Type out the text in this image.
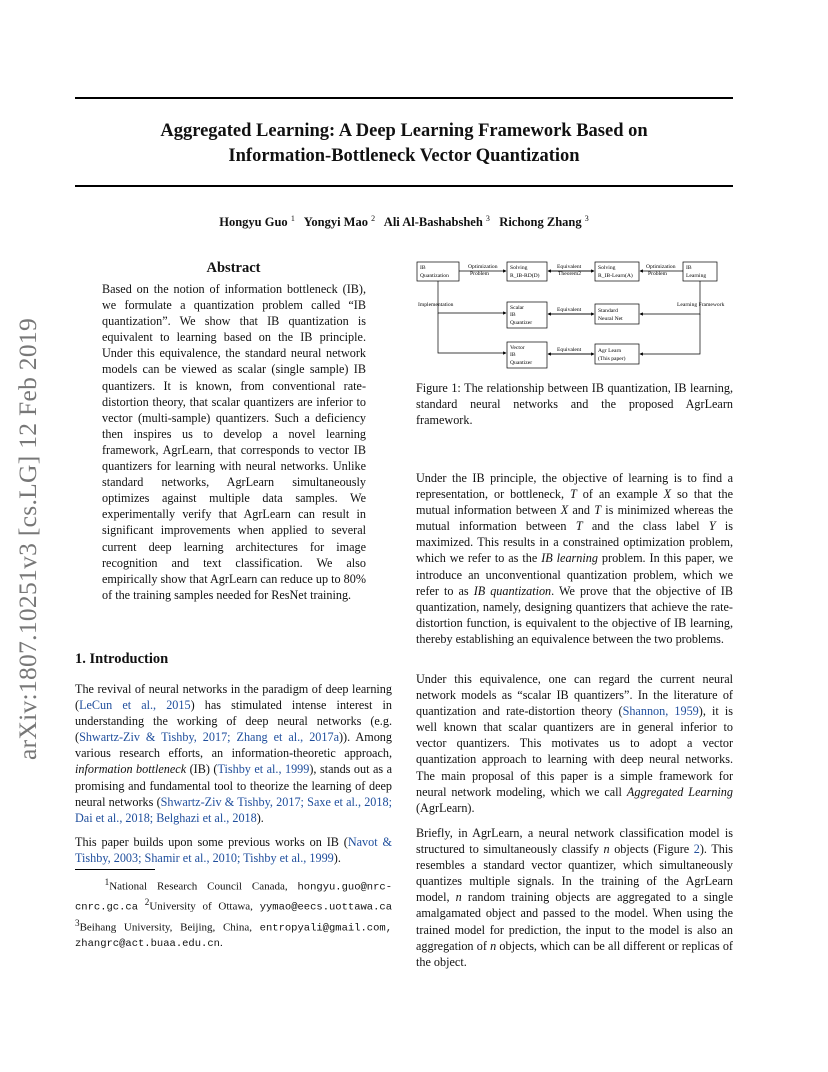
arXiv:1807.10251v3 [cs.LG] 12 Feb 2019
Aggregated Learning: A Deep Learning Framework Based on
Information-Bottleneck Vector Quantization
Hongyu Guo $^1$ Yongyi Mao $^2$ Ali Al-Bashabsheh $^3$ Richong Zhang $^3$
Abstract
Based on the notion of information bottleneck (IB), we formulate a quantization problem called “IB quantization”. We show that IB quantization is equivalent to learning based on the IB principle. Under this equivalence, the standard neural network models can be viewed as scalar (single sample) IB quantizers. It is known, from conventional rate-distortion theory, that scalar quantizers are inferior to vector (multi-sample) quantizers. Such a deficiency then inspires us to develop a novel learning framework, AgrLearn, that corresponds to vector IB quantizers for learning with neural networks. Unlike standard networks, AgrLearn simultaneously optimizes against multiple data samples. We experimentally verify that AgrLearn can result in significant improvements when applied to several current deep learning architectures for image recognition and text classification. We also empirically show that AgrLearn can reduce up to 80% of the training samples needed for ResNet training.
1. Introduction
The revival of neural networks in the paradigm of deep learning (LeCun et al., 2015) has stimulated intense interest in understanding the working of deep neural networks (e.g. (Shwartz-Ziv & Tishby, 2017; Zhang et al., 2017a)). Among various research efforts, an information-theoretic approach, information bottleneck (IB) (Tishby et al., 1999), stands out as a promising and fundamental tool to theorize the learning of deep neural networks (Shwartz-Ziv & Tishby, 2017; Saxe et al., 2018; Dai et al., 2018; Belghazi et al., 2018).
This paper builds upon some previous works on IB (Navot & Tishby, 2003; Shamir et al., 2010; Tishby et al., 1999).
$^1$National Research Council Canada, hongyu.guo@nrc-cnrc.gc.ca $^2$University of Ottawa, yymao@eecs.uottawa.ca $^3$Beihang University, Beijing, China, entropyali@gmail.com, zhangrc@act.buaa.edu.cn.
IB
Quantization
Solving
R_IB-RD(D)
Solving
R_IB-Learn(A)
IB
Learning
Scalar
IB
Quantizer
Standard
Neural Net
Vector
IB
Quantizer
Agr Learn
(This paper)
Optimization
Problem
Equivalent
Theorem2
Optimization
Problem
Implementation	Learning Framework
Equivalent
Equivalent
Figure 1: The relationship between IB quantization, IB learning, standard neural networks and the proposed AgrLearn framework.
Under the IB principle, the objective of learning is to find a representation, or bottleneck, T of an example X so that the mutual information between X and T is minimized whereas the mutual information between T and the class label Y is maximized. This results in a constrained optimization problem, which we refer to as the IB learning problem. In this paper, we introduce an unconventional quantization problem, which we refer to as IB quantization. We prove that the objective of IB quantization, namely, designing quantizers that achieve the rate-distortion function, is equivalent to the objective of IB learning, thereby establishing an equivalence between the two problems.
Under this equivalence, one can regard the current neural network models as “scalar IB quantizers”. In the literature of quantization and rate-distortion theory (Shannon, 1959), it is well known that scalar quantizers are in general inferior to vector quantizers. This motivates us to adopt a vector quantization approach to learning with deep neural networks. The main proposal of this paper is a simple framework for neural network modeling, which we call Aggregated Learning (AgrLearn).
Briefly, in AgrLearn, a neural network classification model is structured to simultaneously classify n objects (Figure 2). This resembles a standard vector quantizer, which simultaneously quantizes multiple signals. In the training of the AgrLearn model, n random training objects are aggregated to a single amalgamated object and passed to the model. When using the trained model for prediction, the input to the model is also an aggregation of n objects, which can be all different or replicas of the object.
